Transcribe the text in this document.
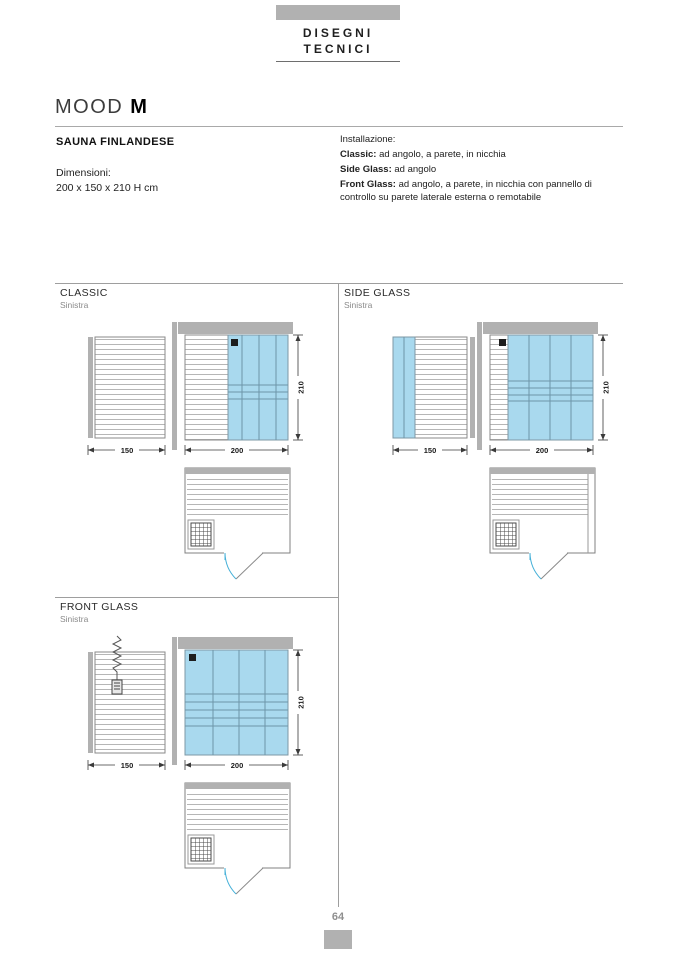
DISEGNI
TECNICI
MOOD M
SAUNA FINLANDESE
Dimensioni:
200 x 150 x 210 H cm
Installazione:
Classic: ad angolo, a parete, in nicchia
Side Glass: ad angolo
Front Glass: ad angolo, a parete, in nicchia con pannello di controllo su parete laterale esterna o remotabile
CLASSIC
Sinistra
SIDE GLASS
Sinistra
FRONT GLASS
Sinistra
150	200
210
150	200
210
150	200
210
64
